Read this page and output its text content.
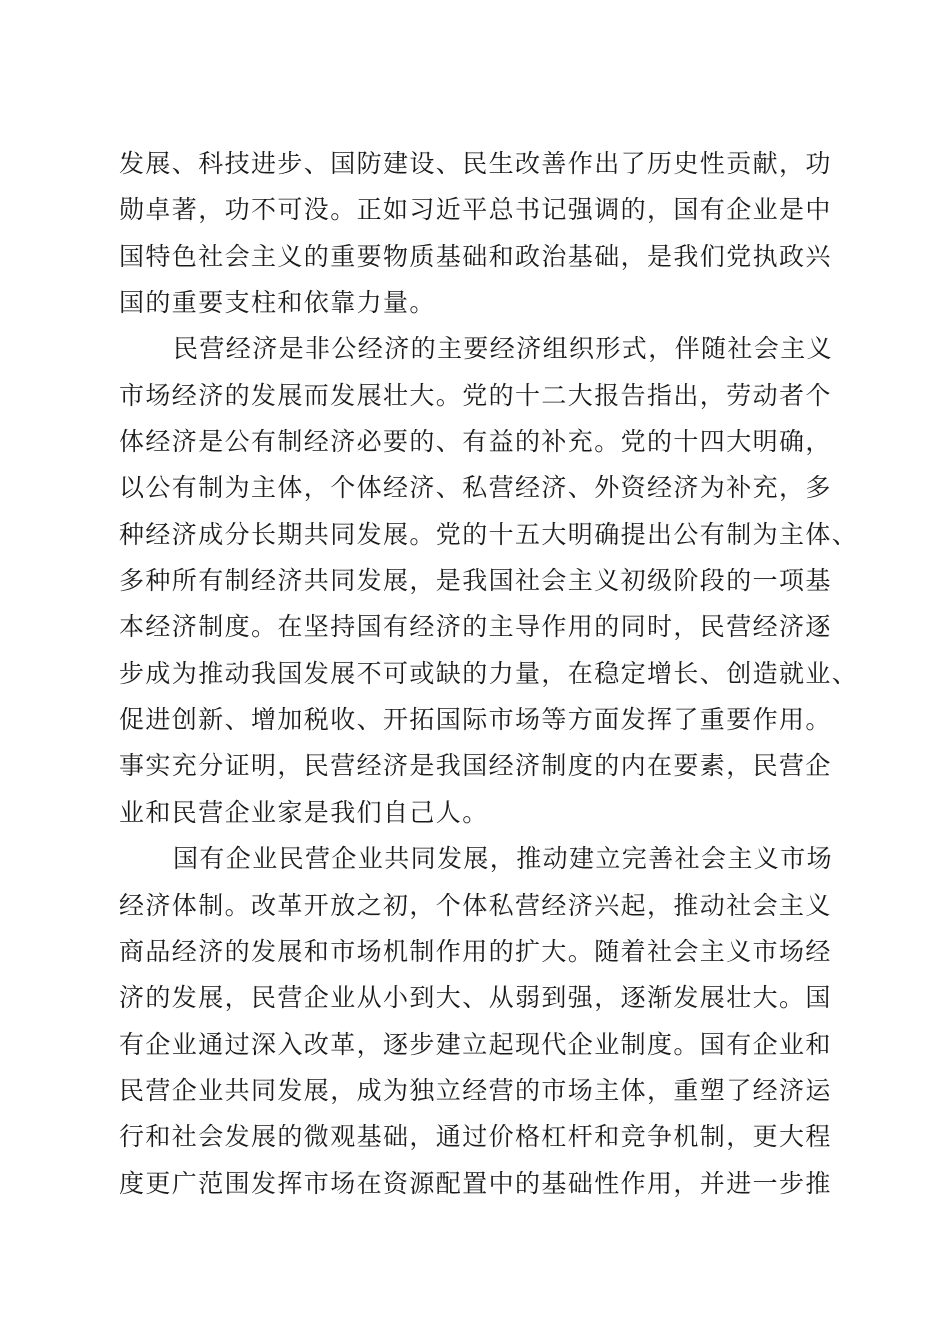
发展、科技进步、国防建设、民生改善作出了历史性贡献，功
勋卓著，功不可没。正如习近平总书记强调的，国有企业是中
国特色社会主义的重要物质基础和政治基础，是我们党执政兴
国的重要支柱和依靠力量。
民营经济是非公经济的主要经济组织形式，伴随社会主义
市场经济的发展而发展壮大。党的十二大报告指出，劳动者个
体经济是公有制经济必要的、有益的补充。党的十四大明确，
以公有制为主体，个体经济、私营经济、外资经济为补充，多
种经济成分长期共同发展。党的十五大明确提出公有制为主体、
多种所有制经济共同发展，是我国社会主义初级阶段的一项基
本经济制度。在坚持国有经济的主导作用的同时，民营经济逐
步成为推动我国发展不可或缺的力量，在稳定增长、创造就业、
促进创新、增加税收、开拓国际市场等方面发挥了重要作用。
事实充分证明，民营经济是我国经济制度的内在要素，民营企
业和民营企业家是我们自己人。
国有企业民营企业共同发展，推动建立完善社会主义市场
经济体制。改革开放之初，个体私营经济兴起，推动社会主义
商品经济的发展和市场机制作用的扩大。随着社会主义市场经
济的发展，民营企业从小到大、从弱到强，逐渐发展壮大。国
有企业通过深入改革，逐步建立起现代企业制度。国有企业和
民营企业共同发展，成为独立经营的市场主体，重塑了经济运
行和社会发展的微观基础，通过价格杠杆和竞争机制，更大程
度更广范围发挥市场在资源配置中的基础性作用，并进一步推
